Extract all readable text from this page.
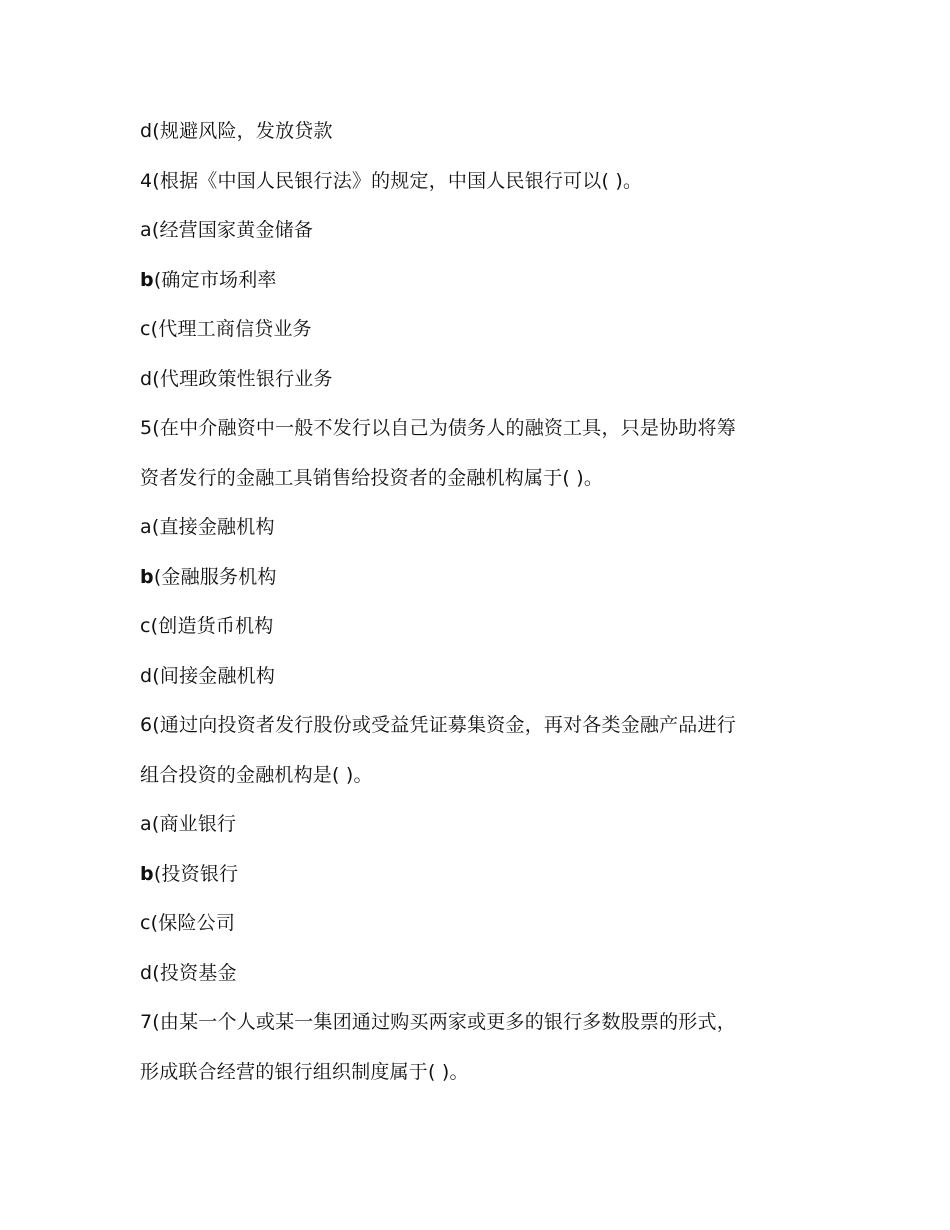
d(规避风险，发放贷款
4(根据《中国人民银行法》的规定，中国人民银行可以( )。
a(经营国家黄金储备
b(确定市场利率
c(代理工商信贷业务
d(代理政策性银行业务
5(在中介融资中一般不发行以自己为债务人的融资工具，只是协助将筹
资者发行的金融工具销售给投资者的金融机构属于( )。
a(直接金融机构
b(金融服务机构
c(创造货币机构
d(间接金融机构
6(通过向投资者发行股份或受益凭证募集资金，再对各类金融产品进行
组合投资的金融机构是( )。
a(商业银行
b(投资银行
c(保险公司
d(投资基金
7(由某一个人或某一集团通过购买两家或更多的银行多数股票的形式，
形成联合经营的银行组织制度属于( )。
